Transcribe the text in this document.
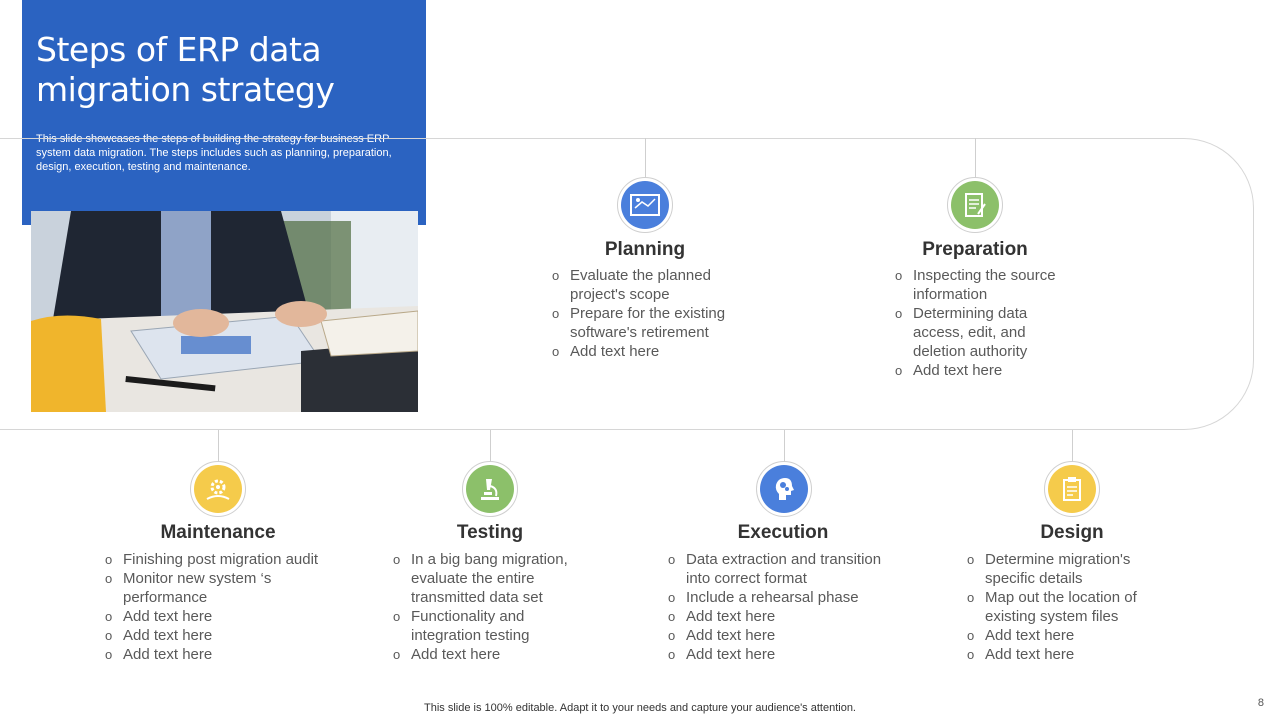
Steps of ERP data migration strategy

This slide showcases the steps of building the strategy for business ERP system data migration. The steps includes such as planning, preparation, design, execution, testing and maintenance.

Planning
o Evaluate the planned project's scope
o Prepare for the existing software's retirement
o Add text here
Preparation
o Inspecting the source information
o Determining data access, edit, and deletion authority
o Add text here
Maintenance
o Finishing post migration audit
o Monitor new system ‘s performance
o Add text here
o Add text here
o Add text here
Testing
o In a big bang migration, evaluate the entire transmitted data set
o Functionality and integration testing
o Add text here
Execution
o Data extraction and transition into correct format
o Include a rehearsal phase
o Add text here
o Add text here
o Add text here
Design
o Determine migration's specific details
o Map out the location of existing system files
o Add text here
o Add text here
This slide is 100% editable. Adapt it to your needs and capture your audience's attention.	8
